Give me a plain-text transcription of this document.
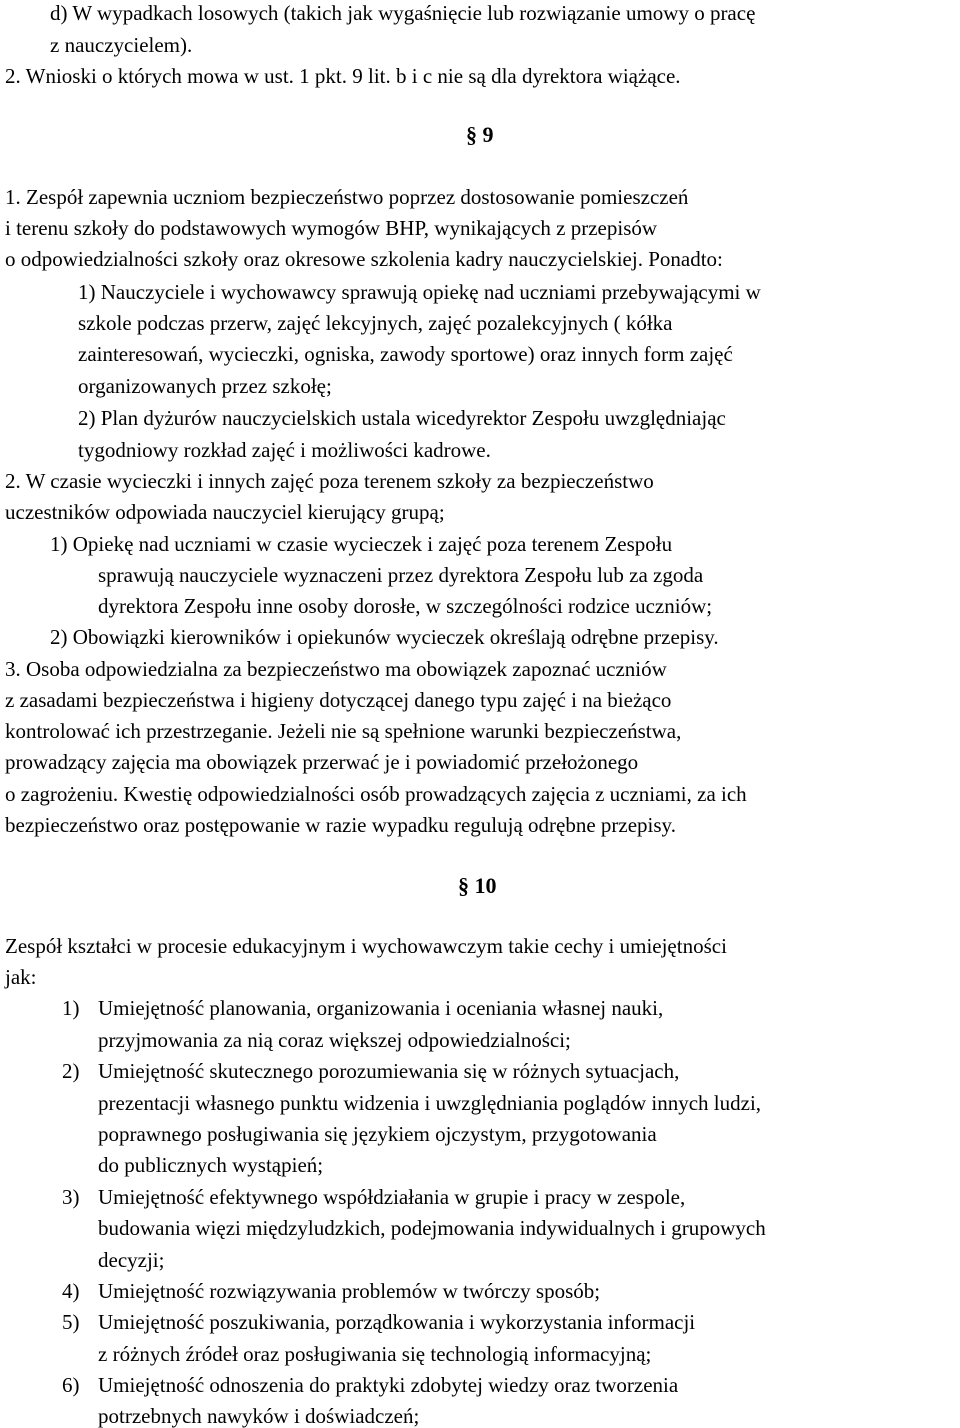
d) W wypadkach losowych (takich jak wygaśnięcie lub rozwiązanie umowy o pracę
z nauczycielem).
2. Wnioski o których mowa w ust. 1 pkt. 9 lit. b i c nie są dla dyrektora wiążące.
§ 9
1. Zespół zapewnia uczniom bezpieczeństwo poprzez dostosowanie pomieszczeń
i terenu szkoły do podstawowych wymogów BHP, wynikających z przepisów
o odpowiedzialności szkoły oraz okresowe szkolenia kadry nauczycielskiej. Ponadto:
1) Nauczyciele i wychowawcy sprawują opiekę nad uczniami przebywającymi w
szkole podczas przerw, zajęć lekcyjnych, zajęć pozalekcyjnych ( kółka
zainteresowań, wycieczki, ogniska, zawody sportowe) oraz innych form zajęć
organizowanych przez szkołę;
2) Plan dyżurów nauczycielskich ustala wicedyrektor Zespołu uwzględniając
tygodniowy rozkład zajęć i możliwości kadrowe.
2. W czasie wycieczki i innych zajęć poza terenem szkoły za bezpieczeństwo
uczestników odpowiada nauczyciel kierujący grupą;
1) Opiekę nad uczniami w czasie wycieczek i zajęć poza terenem Zespołu
sprawują nauczyciele wyznaczeni przez dyrektora Zespołu lub za zgoda
dyrektora Zespołu inne osoby dorosłe, w szczególności rodzice uczniów;
2) Obowiązki kierowników i opiekunów wycieczek określają odrębne przepisy.
3. Osoba odpowiedzialna za bezpieczeństwo ma obowiązek zapoznać uczniów
z zasadami bezpieczeństwa i higieny dotyczącej danego typu zajęć i na bieżąco
kontrolować ich przestrzeganie. Jeżeli nie są spełnione warunki bezpieczeństwa,
prowadzący zajęcia ma obowiązek przerwać je i powiadomić przełożonego
o zagrożeniu. Kwestię odpowiedzialności osób prowadzących zajęcia z uczniami, za ich
bezpieczeństwo oraz postępowanie w razie wypadku regulują odrębne przepisy.
§ 10
Zespół kształci w procesie edukacyjnym i wychowawczym takie cechy i umiejętności
jak:
1) Umiejętność planowania, organizowania i oceniania własnej nauki,
przyjmowania za nią coraz większej odpowiedzialności;
2) Umiejętność skutecznego porozumiewania się w różnych sytuacjach,
prezentacji własnego punktu widzenia i uwzględniania poglądów innych ludzi,
poprawnego posługiwania się językiem ojczystym, przygotowania
do publicznych wystąpień;
3) Umiejętność efektywnego współdziałania w grupie i pracy w zespole,
budowania więzi międzyludzkich, podejmowania indywidualnych i grupowych
decyzji;
4) Umiejętność rozwiązywania problemów w twórczy sposób;
5) Umiejętność poszukiwania, porządkowania i wykorzystania informacji
z różnych źródeł oraz posługiwania się technologią informacyjną;
6) Umiejętność odnoszenia do praktyki zdobytej wiedzy oraz tworzenia
potrzebnych nawyków i doświadczeń;
